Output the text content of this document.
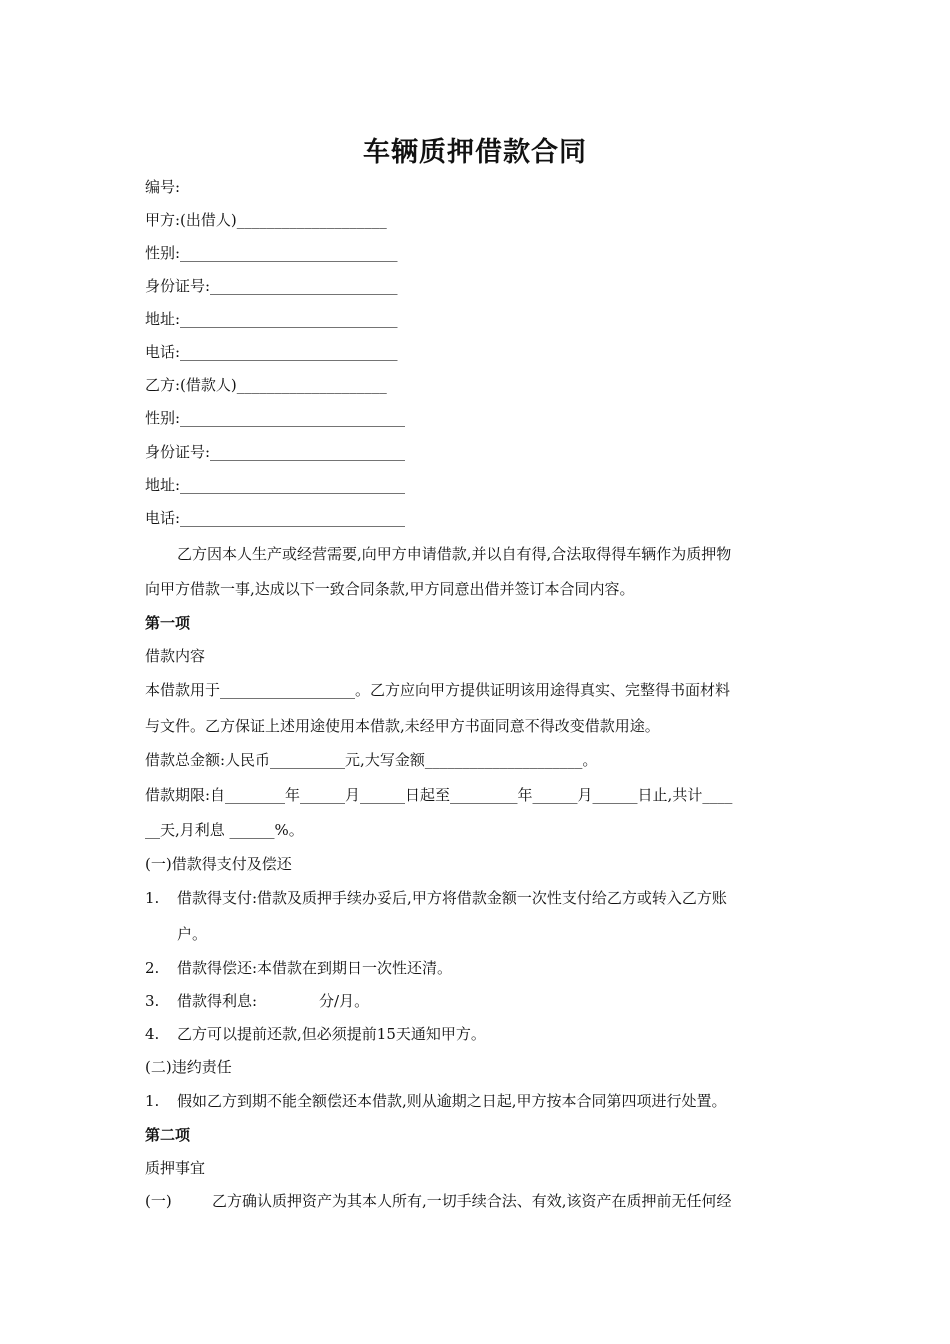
车辆质押借款合同
编号:
甲方:(出借人)____________________
性别:_____________________________
身份证号:_________________________
地址:_____________________________
电话:_____________________________
乙方:(借款人)____________________
性别:______________________________
身份证号:__________________________
地址:______________________________
电话:______________________________
乙方因本人生产或经营需要,向甲方申请借款,并以自有得,合法取得得车辆作为质押物
向甲方借款一事,达成以下一致合同条款,甲方同意出借并签订本合同内容。
第一项
借款内容
本借款用于__________________。乙方应向甲方提供证明该用途得真实、完整得书面材料
与文件。乙方保证上述用途使用本借款,未经甲方书面同意不得改变借款用途。
借款总金额:人民币__________元,大写金额_____________________。
借款期限:自________年______月______日起至_________年______月______日止,共计____
__天,月利息 ______%。
(一)借款得支付及偿还
1. 借款得支付:借款及质押手续办妥后,甲方将借款金额一次性支付给乙方或转入乙方账
户。
2. 借款得偿还:本借款在到期日一次性还清。
3. 借款得利息:             分/月。
4. 乙方可以提前还款,但必须提前15天通知甲方。
(二)违约责任
1. 假如乙方到期不能全额偿还本借款,则从逾期之日起,甲方按本合同第四项进行处置。
第二项
质押事宜
(一)	乙方确认质押资产为其本人所有,一切手续合法、有效,该资产在质押前无任何经
